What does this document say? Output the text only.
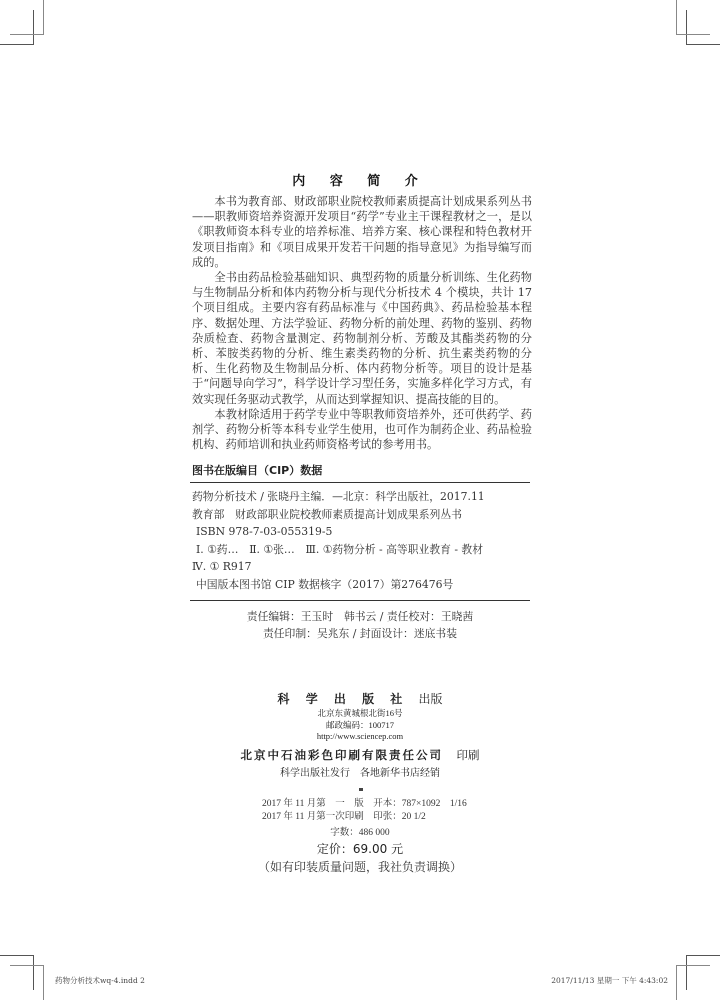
内 容 简 介

本书为教育部、财政部职业院校教师素质提高计划成果系列丛书——职教师资培养资源开发项目“药学”专业主干课程教材之一，是以《职教师资本科专业的培养标准、培养方案、核心课程和特色教材开发项目指南》和《项目成果开发若干问题的指导意见》为指导编写而成的。

全书由药品检验基础知识、典型药物的质量分析训练、生化药物与生物制品分析和体内药物分析与现代分析技术 4 个模块，共计 17 个项目组成。主要内容有药品标准与《中国药典》、药品检验基本程序、数据处理、方法学验证、药物分析的前处理、药物的鉴别、药物杂质检查、药物含量测定、药物制剂分析、芳酸及其酯类药物的分析、苯胺类药物的分析、维生素类药物的分析、抗生素类药物的分析、生化药物及生物制品分析、体内药物分析等。项目的设计是基于“问题导向学习”，科学设计学习型任务，实施多样化学习方式，有效实现任务驱动式教学，从而达到掌握知识、提高技能的目的。

本教材除适用于药学专业中等职教师资培养外，还可供药学、药剂学、药物分析等本科专业学生使用，也可作为制药企业、药品检验机构、药师培训和执业药师资格考试的参考用书。

图书在版编目（CIP）数据
药物分析技术 / 张晓丹主编．—北京：科学出版社，2017.11
教育部　财政部职业院校教师素质提高计划成果系列丛书
ISBN 978-7-03-055319-5
Ⅰ. ①药…　Ⅱ. ①张…　Ⅲ. ①药物分析 - 高等职业教育 - 教材
Ⅳ. ① R917
中国版本图书馆 CIP 数据核字（2017）第276476号
责任编辑：王玉时　韩书云 / 责任校对：王晓茜
责任印制：吴兆东 / 封面设计：迷底书装
科 学 出 版 社 出版
北京东黄城根北街16号
邮政编码：100717
http://www.sciencep.com
北京中石油彩色印刷有限责任公司　 印刷
科学出版社发行　各地新华书店经销
2017 年 11 月第　一　版　开本：787×1092　1/16
2017 年 11 月第一次印刷　印张：20 1/2
字数：486 000
定价：69.00 元
（如有印装质量问题，我社负责调换）
药物分析技术wq-4.indd 2	2017/11/13 星期一 下午 4:43:02
